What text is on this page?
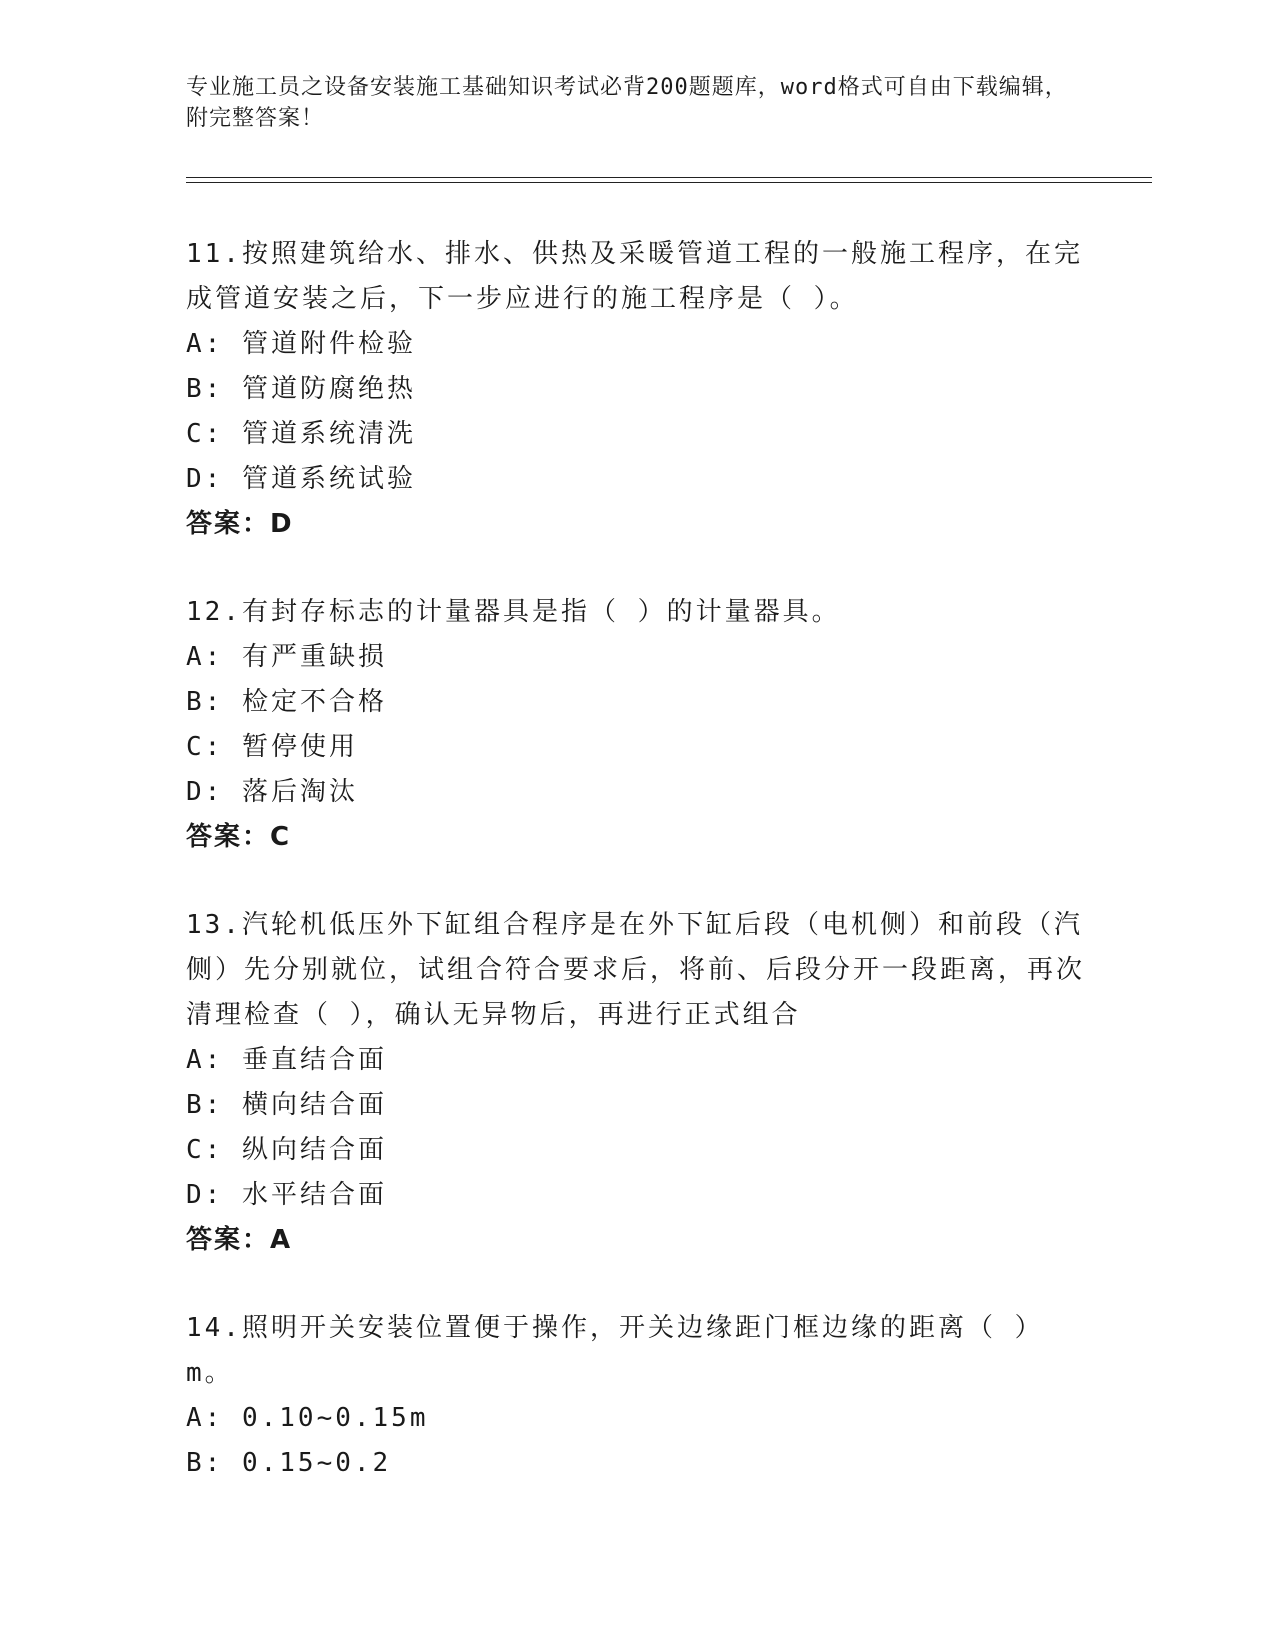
专业施工员之设备安装施工基础知识考试必背200题题库，word格式可自由下载编辑，附完整答案！
11.按照建筑给水、排水、供热及采暖管道工程的一般施工程序，在完成管道安装之后，下一步应进行的施工程序是（ ）。
A: 管道附件检验
B: 管道防腐绝热
C: 管道系统清洗
D: 管道系统试验
答案：D
12.有封存标志的计量器具是指（ ）的计量器具。
A: 有严重缺损
B: 检定不合格
C: 暂停使用
D: 落后淘汰
答案：C
13.汽轮机低压外下缸组合程序是在外下缸后段（电机侧）和前段（汽侧）先分别就位，试组合符合要求后，将前、后段分开一段距离，再次清理检查（ ），确认无异物后，再进行正式组合
A: 垂直结合面
B: 横向结合面
C: 纵向结合面
D: 水平结合面
答案：A
14.照明开关安装位置便于操作，开关边缘距门框边缘的距离（ ）m。
A: 0.10~0.15m
B: 0.15~0.2
